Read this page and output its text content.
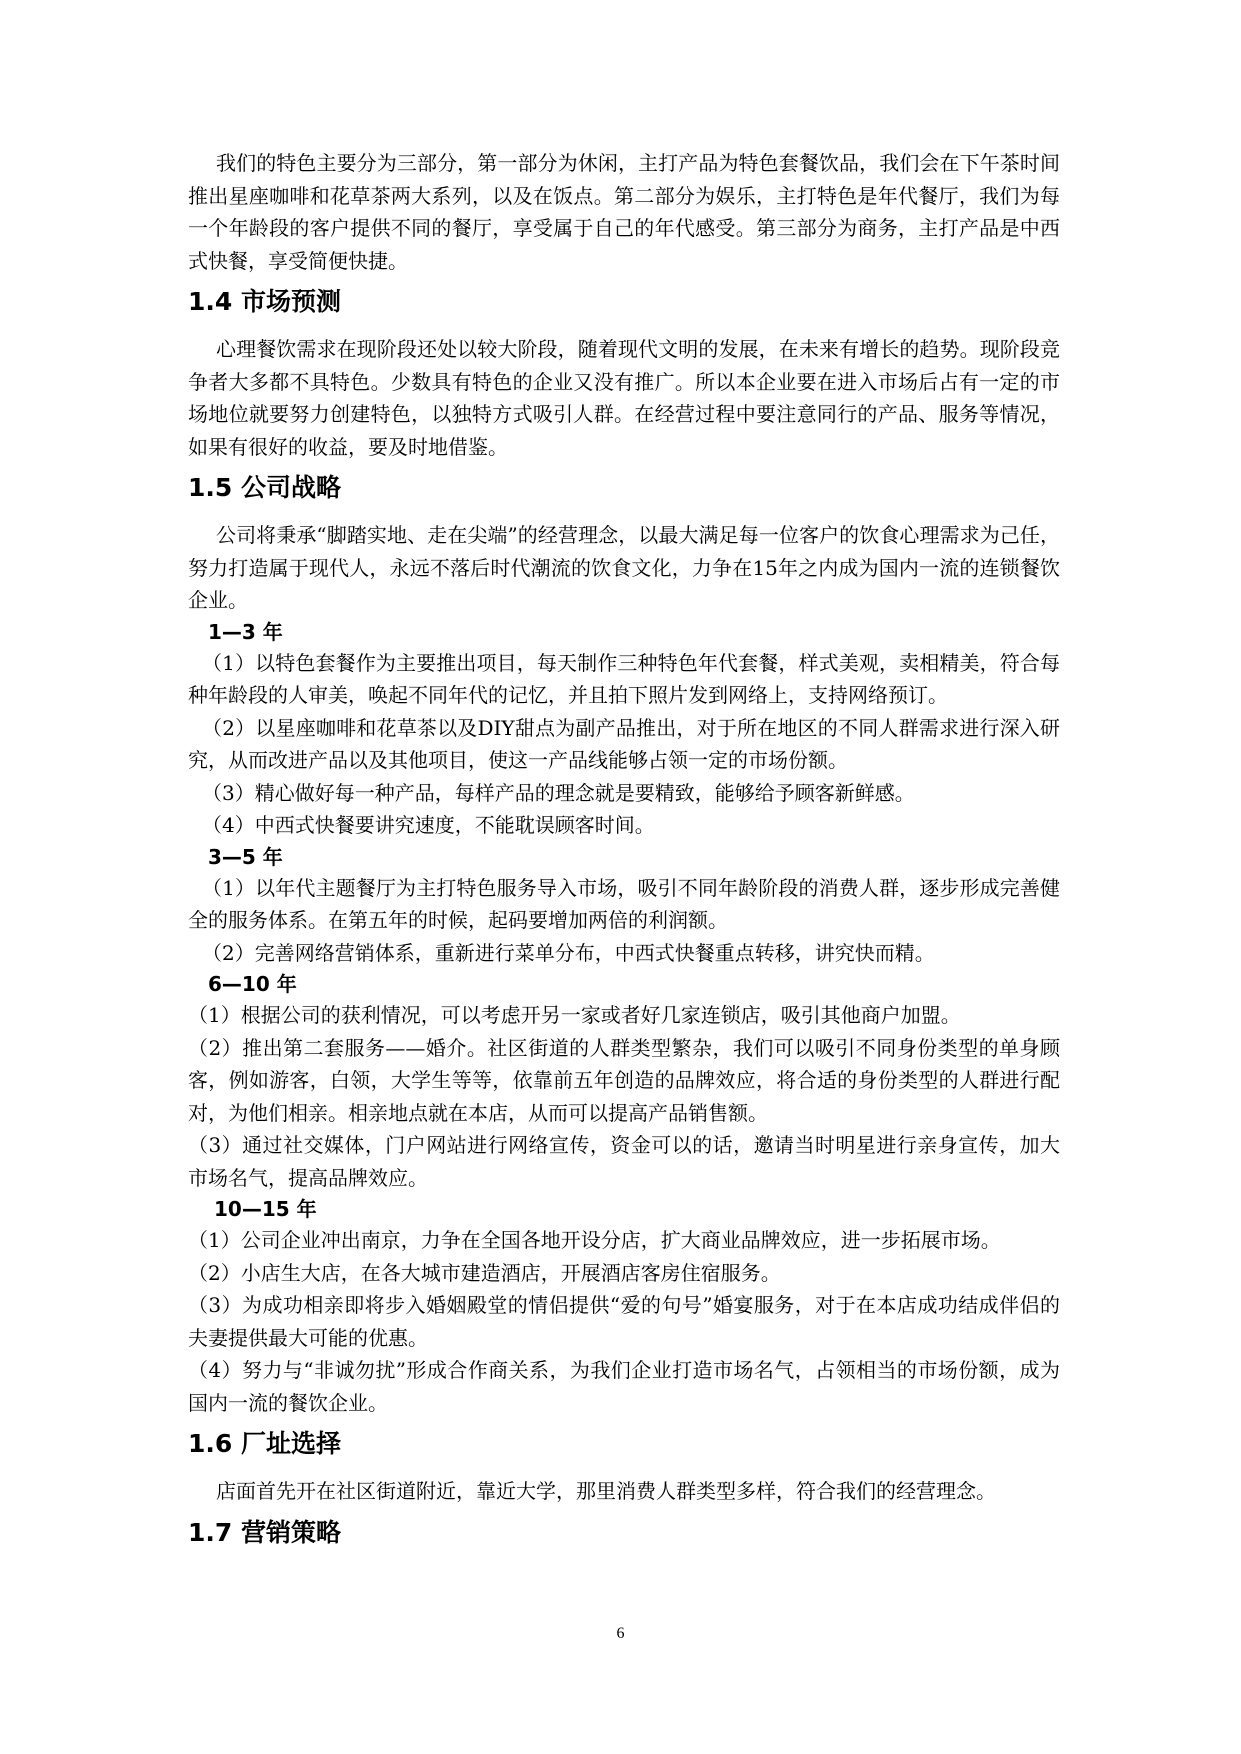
我们的特色主要分为三部分，第一部分为休闲，主打产品为特色套餐饮品，我们会在下午茶时间推出星座咖啡和花草茶两大系列，以及在饭点。第二部分为娱乐，主打特色是年代餐厅，我们为每一个年龄段的客户提供不同的餐厅，享受属于自己的年代感受。第三部分为商务，主打产品是中西式快餐，享受简便快捷。

1.4 市场预测

心理餐饮需求在现阶段还处以较大阶段，随着现代文明的发展，在未来有增长的趋势。现阶段竞争者大多都不具特色。少数具有特色的企业又没有推广。所以本企业要在进入市场后占有一定的市场地位就要努力创建特色，以独特方式吸引人群。在经营过程中要注意同行的产品、服务等情况，如果有很好的收益，要及时地借鉴。

1.5 公司战略

公司将秉承“脚踏实地、走在尖端”的经营理念，以最大满足每一位客户的饮食心理需求为己任，努力打造属于现代人，永远不落后时代潮流的饮食文化，力争在15年之内成为国内一流的连锁餐饮企业。

1—3 年

（1）以特色套餐作为主要推出项目，每天制作三种特色年代套餐，样式美观，卖相精美，符合每种年龄段的人审美，唤起不同年代的记忆，并且拍下照片发到网络上，支持网络预订。

（2）以星座咖啡和花草茶以及DIY甜点为副产品推出，对于所在地区的不同人群需求进行深入研究，从而改进产品以及其他项目，使这一产品线能够占领一定的市场份额。

（3）精心做好每一种产品，每样产品的理念就是要精致，能够给予顾客新鲜感。

（4）中西式快餐要讲究速度，不能耽误顾客时间。

3—5 年

（1）以年代主题餐厅为主打特色服务导入市场，吸引不同年龄阶段的消费人群，逐步形成完善健全的服务体系。在第五年的时候，起码要增加两倍的利润额。

（2）完善网络营销体系，重新进行菜单分布，中西式快餐重点转移，讲究快而精。

6—10 年

（1）根据公司的获利情况，可以考虑开另一家或者好几家连锁店，吸引其他商户加盟。

（2）推出第二套服务——婚介。社区街道的人群类型繁杂，我们可以吸引不同身份类型的单身顾客，例如游客，白领，大学生等等，依靠前五年创造的品牌效应，将合适的身份类型的人群进行配对，为他们相亲。相亲地点就在本店，从而可以提高产品销售额。

（3）通过社交媒体，门户网站进行网络宣传，资金可以的话，邀请当时明星进行亲身宣传，加大市场名气，提高品牌效应。

10—15 年

（1）公司企业冲出南京，力争在全国各地开设分店，扩大商业品牌效应，进一步拓展市场。

（2）小店生大店，在各大城市建造酒店，开展酒店客房住宿服务。

（3）为成功相亲即将步入婚姻殿堂的情侣提供“爱的句号”婚宴服务，对于在本店成功结成伴侣的夫妻提供最大可能的优惠。

（4）努力与“非诚勿扰”形成合作商关系，为我们企业打造市场名气，占领相当的市场份额，成为国内一流的餐饮企业。

1.6 厂址选择

店面首先开在社区街道附近，靠近大学，那里消费人群类型多样，符合我们的经营理念。

1.7 营销策略
6
